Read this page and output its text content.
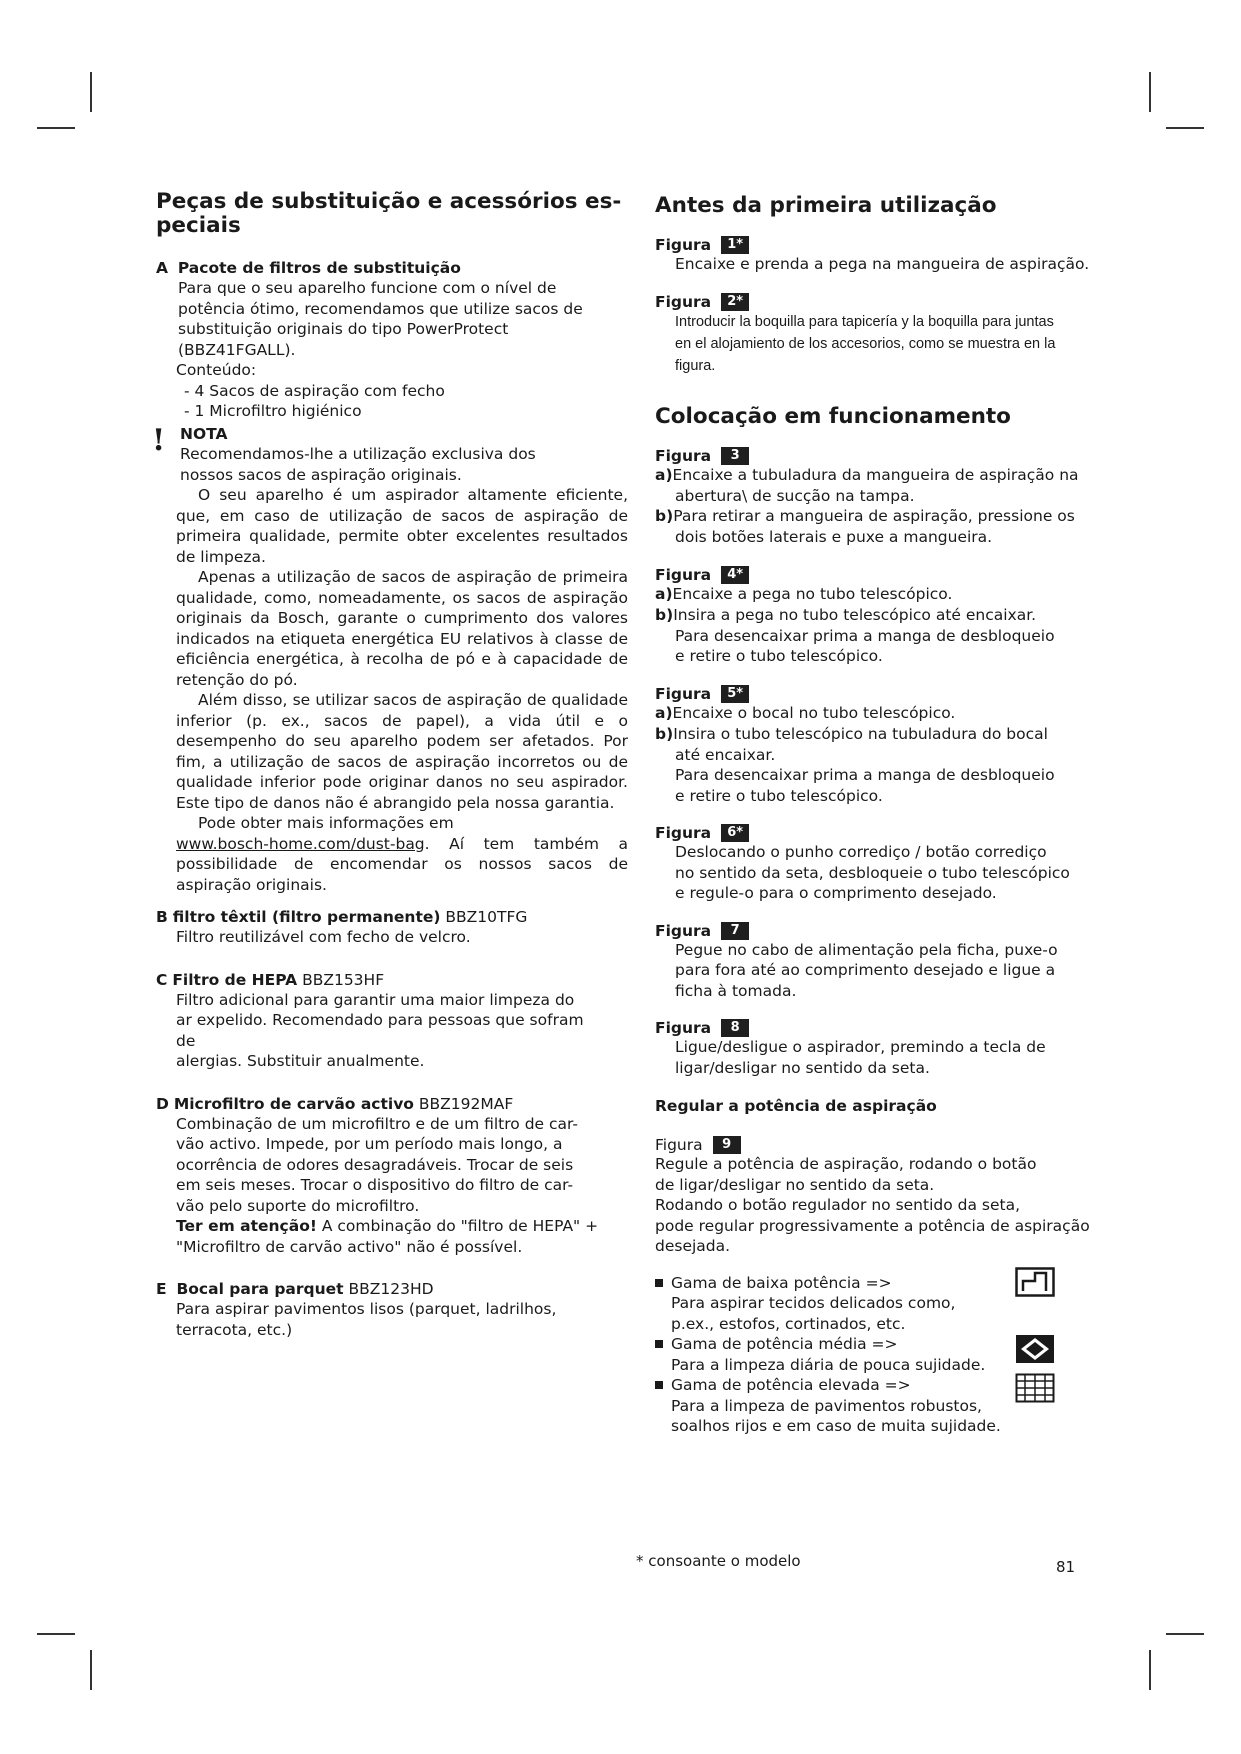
Peças de substituição e acessórios es-
peciais

A Pacote de filtros de substituição

Para que o seu aparelho funcione com o nível de potência ótimo, recomendamos que utilize sacos de substituição originais do tipo PowerProtect (BBZ41FGALL).

Conteúdo:

- 4 Sacos de aspiração com fecho

- 1 Microfiltro higiénico

! NOTA

Recomendamos-lhe a utilização exclusiva dos nossos sacos de aspiração originais.

O seu aparelho é um aspirador altamente eficiente, que, em caso de utilização de sacos de aspiração de primeira qualidade, permite obter excelentes resultados de limpeza.

Apenas a utilização de sacos de aspiração de primeira qualidade, como, nomeadamente, os sacos de aspiração originais da Bosch, garante o cumprimento dos valores indicados na etiqueta energética EU relativos à classe de eficiência energética, à recolha de pó e à capacidade de retenção do pó.

Além disso, se utilizar sacos de aspiração de qualidade inferior (p. ex., sacos de papel), a vida útil e o desempenho do seu aparelho podem ser afetados. Por fim, a utilização de sacos de aspiração incorretos ou de qualidade inferior pode originar danos no seu aspirador. Este tipo de danos não é abrangido pela nossa garantia.

Pode obter mais informações em

www.bosch-home.com/dust-bag. Aí tem também a possibilidade de encomendar os nossos sacos de aspiração originais.

B filtro têxtil (filtro permanente) BBZ10TFG

Filtro reutilizável com fecho de velcro.

C Filtro de HEPA BBZ153HF

Filtro adicional para garantir uma maior limpeza do

ar expelido. Recomendado para pessoas que sofram

de

alergias. Substituir anualmente.

D Microfiltro de carvão activo BBZ192MAF

Combinação de um microfiltro e de um filtro de car-

vão activo. Impede, por um período mais longo, a

ocorrência de odores desagradáveis. Trocar de seis

em seis meses. Trocar o dispositivo do filtro de car-

vão pelo suporte do microfiltro.

Ter em atenção! A combinação do "filtro de HEPA" +

"Microfiltro de carvão activo" não é possível.

E Bocal para parquet BBZ123HD

Para aspirar pavimentos lisos (parquet, ladrilhos,

terracota, etc.)

Antes da primeira utilização
Figura	1*

Encaixe e prenda a pega na mangueira de aspiração.

Figura	2*

Introducir la boquilla para tapicería y la boquilla para juntas en el alojamiento de los accesorios, como se muestra en la figura.

Colocação em funcionamento
Figura	3
a) Encaixe a tubuladura da mangueira de aspiração na

abertura\ de sucção na tampa.

b) Para retirar a mangueira de aspiração, pressione os

dois botões laterais e puxe a mangueira.

Figura	4*
a) Encaixe a pega no tubo telescópico.
b) Insira a pega no tubo telescópico até encaixar.

Para desencaixar prima a manga de desbloqueio

e retire o tubo telescópico.

Figura	5*
a) Encaixe o bocal no tubo telescópico.
b) Insira o tubo telescópico na tubuladura do bocal

até encaixar.

Para desencaixar prima a manga de desbloqueio

e retire o tubo telescópico.

Figura	6*

Deslocando o punho corrediço / botão corrediço

no sentido da seta, desbloqueie o tubo telescópico

e regule-o para o comprimento desejado.

Figura	7

Pegue no cabo de alimentação pela ficha, puxe-o

para fora até ao comprimento desejado e ligue a

ficha à tomada.

Figura	8

Ligue/desligue o aspirador, premindo a tecla de

ligar/desligar no sentido da seta.

Regular a potência de aspiração
Figura	9

Regule a potência de aspiração, rodando o botão

de ligar/desligar no sentido da seta.

Rodando o botão regulador no sentido da seta,

pode regular progressivamente a potência de aspiração

desejada.

Gama de baixa potência =>

Para aspirar tecidos delicados como,

p.ex., estofos, cortinados, etc.

Gama de potência média =>

Para a limpeza diária de pouca sujidade.

Gama de potência elevada =>

Para a limpeza de pavimentos robustos,

soalhos rijos e em caso de muita sujidade.

* consoante o modelo	81
